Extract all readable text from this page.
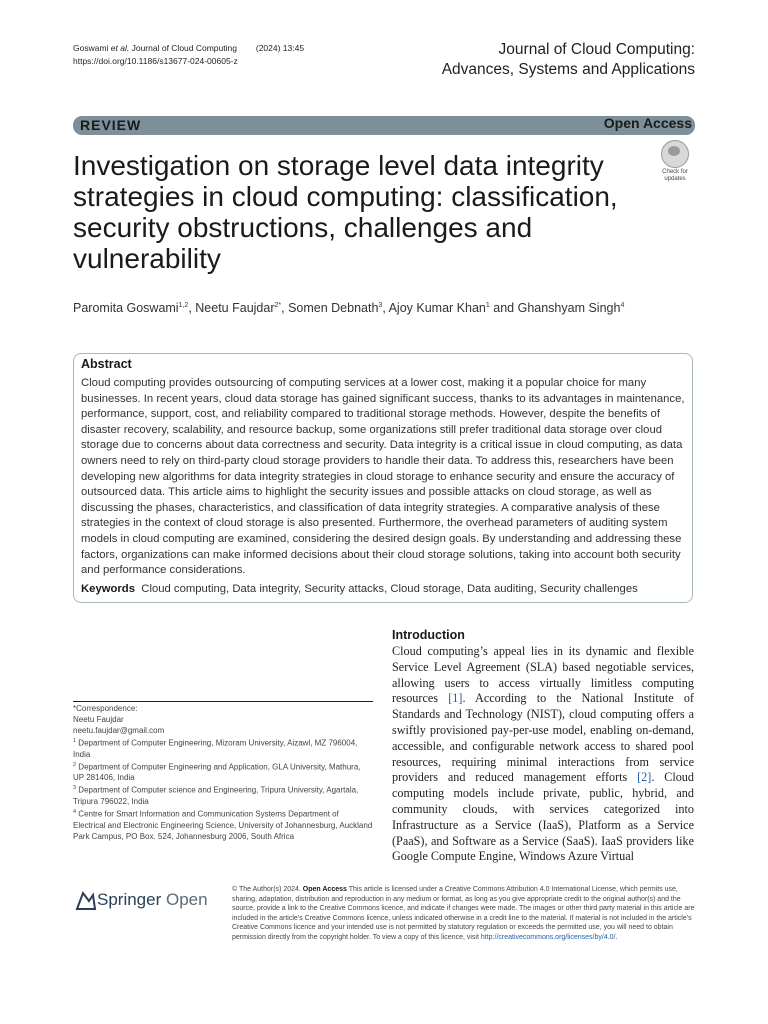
Goswami et al. Journal of Cloud Computing (2024) 13:45
https://doi.org/10.1186/s13677-024-00605-z
Journal of Cloud Computing:
Advances, Systems and Applications
REVIEW	Open Access
Check for
updates
Investigation on storage level data integrity strategies in cloud computing: classification, security obstructions, challenges and vulnerability
Paromita Goswami$^{1,2}$, Neetu Faujdar$^{2*}$, Somen Debnath$^3$, Ajoy Kumar Khan$^1$ and Ghanshyam Singh$^4$
Abstract
Cloud computing provides outsourcing of computing services at a lower cost, making it a popular choice for many businesses. In recent years, cloud data storage has gained significant success, thanks to its advantages in maintenance, performance, support, cost, and reliability compared to traditional storage methods. However, despite the benefits of disaster recovery, scalability, and resource backup, some organizations still prefer traditional data storage over cloud storage due to concerns about data correctness and security. Data integrity is a critical issue in cloud computing, as data owners need to rely on third-party cloud storage providers to handle their data. To address this, researchers have been developing new algorithms for data integrity strategies in cloud storage to enhance security and ensure the accuracy of outsourced data. This article aims to highlight the security issues and possible attacks on cloud storage, as well as discussing the phases, characteristics, and classification of data integrity strategies. A comparative analysis of these strategies in the context of cloud storage is also presented. Furthermore, the overhead parameters of auditing system models in cloud computing are examined, considering the desired design goals. By understanding and addressing these factors, organizations can make informed decisions about their cloud storage solutions, taking into account both security and performance considerations.
Keywords Cloud computing, Data integrity, Security attacks, Cloud storage, Data auditing, Security challenges

*Correspondence:

Neetu Faujdar

neetu.faujdar@gmail.com

$^1$ Department of Computer Engineering, Mizoram University, Aizawl, MZ 796004, India

$^2$ Department of Computer Engineering and Application, GLA University, Mathura, UP 281406, India

$^3$ Department of Computer science and Engineering, Tripura University, Agartala, Tripura 796022, India

$^4$ Centre for Smart Information and Communication Systems Department of Electrical and Electronic Engineering Science, University of Johannesburg, Auckland Park Campus, PO Box. 524, Johannesburg 2006, South Africa

Introduction
Cloud computing’s appeal lies in its dynamic and flexible Service Level Agreement (SLA) based negotiable services, allowing users to access virtually limitless computing resources [1]. According to the National Institute of Standards and Technology (NIST), cloud computing offers a swiftly provisioned pay-per-use model, enabling on-demand, accessible, and configurable network access to shared pool resources, requiring minimal interactions from service providers and reduced management efforts [2]. Cloud computing models include private, public, hybrid, and community clouds, with services categorized into Infrastructure as a Service (IaaS), Platform as a Service (PaaS), and Software as a Service (SaaS). IaaS providers like Google Compute Engine, Windows Azure Virtual
Springer Open
© The Author(s) 2024. Open Access This article is licensed under a Creative Commons Attribution 4.0 International License, which permits use, sharing, adaptation, distribution and reproduction in any medium or format, as long as you give appropriate credit to the original author(s) and the source, provide a link to the Creative Commons licence, and indicate if changes were made. The images or other third party material in this article are included in the article’s Creative Commons licence, unless indicated otherwise in a credit line to the material. If material is not included in the article’s Creative Commons licence and your intended use is not permitted by statutory regulation or exceeds the permitted use, you will need to obtain permission directly from the copyright holder. To view a copy of this licence, visit http://creativecommons.org/licenses/by/4.0/.
